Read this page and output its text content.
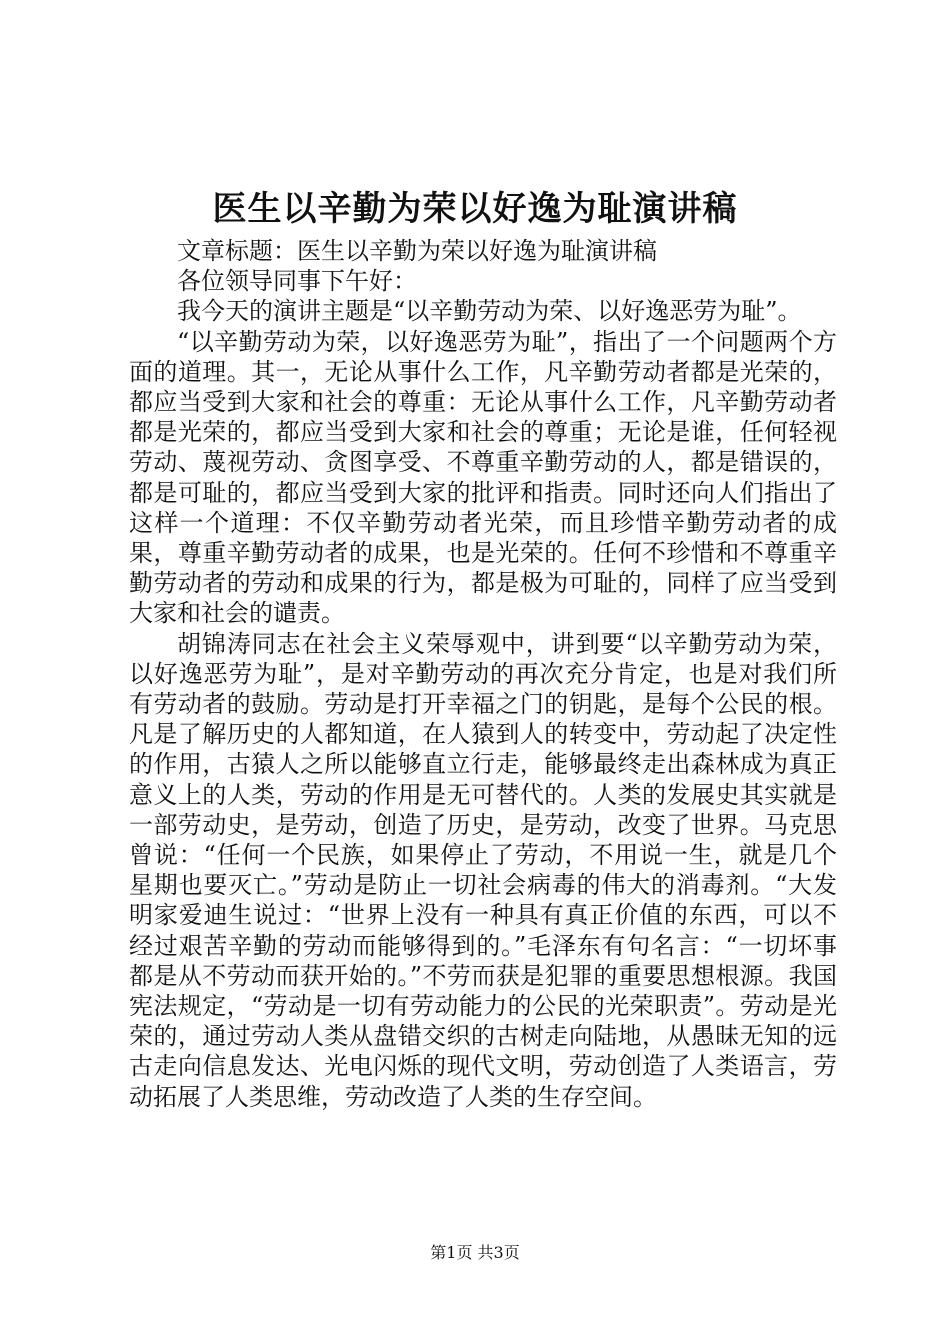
医生以辛勤为荣以好逸为耻演讲稿

文章标题：医生以辛勤为荣以好逸为耻演讲稿

各位领导同事下午好：

我今天的演讲主题是“以辛勤劳动为荣、以好逸恶劳为耻”。

“以辛勤劳动为荣，以好逸恶劳为耻”，指出了一个问题两个方面的道理。其一，无论从事什么工作，凡辛勤劳动者都是光荣的，都应当受到大家和社会的尊重：无论从事什么工作，凡辛勤劳动者都是光荣的，都应当受到大家和社会的尊重；无论是谁，任何轻视劳动、蔑视劳动、贪图享受、不尊重辛勤劳动的人，都是错误的，都是可耻的，都应当受到大家的批评和指责。同时还向人们指出了这样一个道理：不仅辛勤劳动者光荣，而且珍惜辛勤劳动者的成果，尊重辛勤劳动者的成果，也是光荣的。任何不珍惜和不尊重辛勤劳动者的劳动和成果的行为，都是极为可耻的，同样了应当受到大家和社会的谴责。

胡锦涛同志在社会主义荣辱观中，讲到要“以辛勤劳动为荣，以好逸恶劳为耻”，是对辛勤劳动的再次充分肯定，也是对我们所有劳动者的鼓励。劳动是打开幸福之门的钥匙，是每个公民的根。凡是了解历史的人都知道，在人猿到人的转变中，劳动起了决定性的作用，古猿人之所以能够直立行走，能够最终走出森林成为真正意义上的人类，劳动的作用是无可替代的。人类的发展史其实就是一部劳动史，是劳动，创造了历史，是劳动，改变了世界。马克思曾说：“任何一个民族，如果停止了劳动，不用说一生，就是几个星期也要灭亡。”劳动是防止一切社会病毒的伟大的消毒剂。“大发明家爱迪生说过：“世界上没有一种具有真正价值的东西，可以不经过艰苦辛勤的劳动而能够得到的。”毛泽东有句名言：“一切坏事都是从不劳动而获开始的。”不劳而获是犯罪的重要思想根源。我国宪法规定，“劳动是一切有劳动能力的公民的光荣职责”。劳动是光荣的，通过劳动人类从盘错交织的古树走向陆地，从愚昧无知的远古走向信息发达、光电闪烁的现代文明，劳动创造了人类语言，劳动拓展了人类思维，劳动改造了人类的生存空间。

第1页 共3页
